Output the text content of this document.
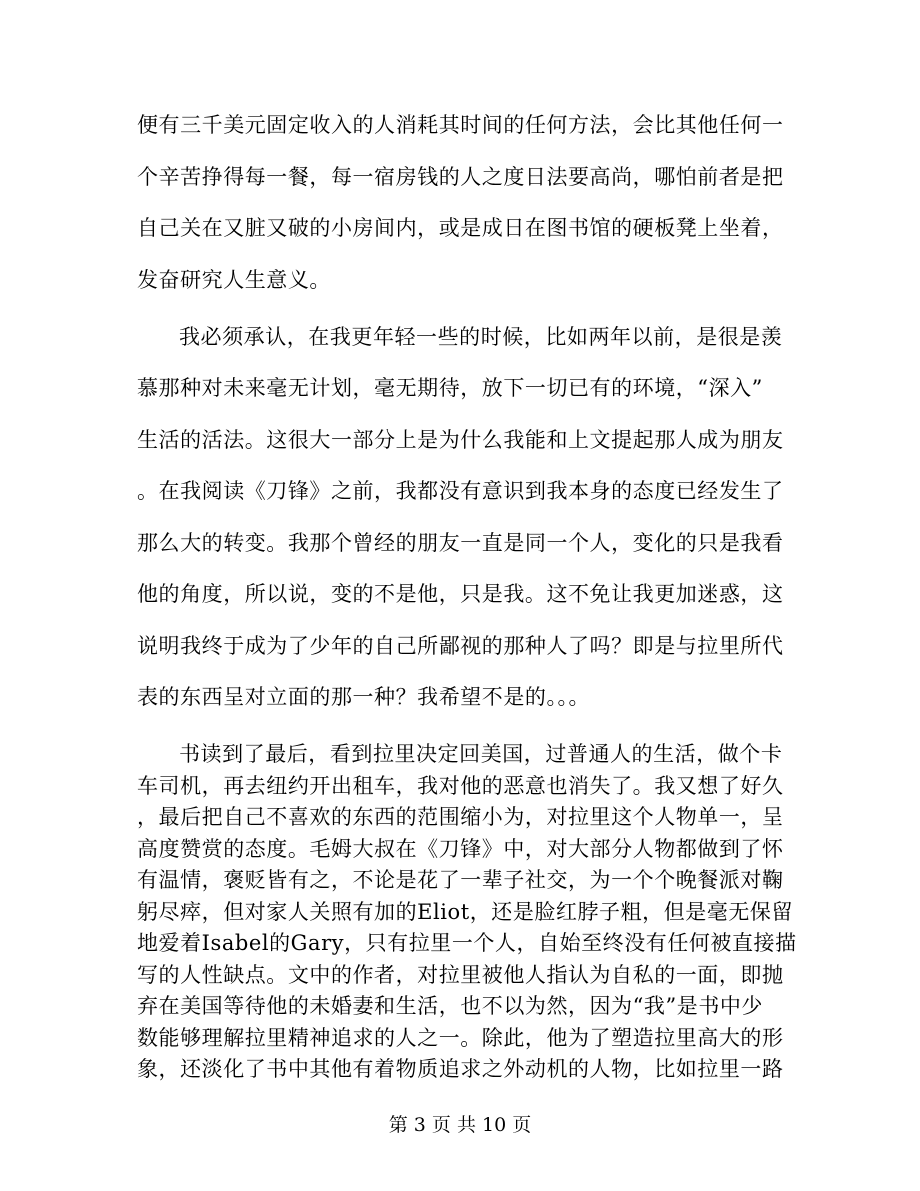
便有三千美元固定收入的人消耗其时间的任何方法，会比其他任何一
个辛苦挣得每一餐，每一宿房钱的人之度日法要高尚，哪怕前者是把
自己关在又脏又破的小房间内，或是成日在图书馆的硬板凳上坐着，
发奋研究人生意义。
我必须承认，在我更年轻一些的时候，比如两年以前，是很是羡
慕那种对未来毫无计划，毫无期待，放下一切已有的环境，“深入”
生活的活法。这很大一部分上是为什么我能和上文提起那人成为朋友
。在我阅读《刀锋》之前，我都没有意识到我本身的态度已经发生了
那么大的转变。我那个曾经的朋友一直是同一个人，变化的只是我看
他的角度，所以说，变的不是他，只是我。这不免让我更加迷惑，这
说明我终于成为了少年的自己所鄙视的那种人了吗？即是与拉里所代
表的东西呈对立面的那一种？我希望不是的。。。
书读到了最后，看到拉里决定回美国，过普通人的生活，做个卡
车司机，再去纽约开出租车，我对他的恶意也消失了。我又想了好久
，最后把自己不喜欢的东西的范围缩小为，对拉里这个人物单一，呈
高度赞赏的态度。毛姆大叔在《刀锋》中，对大部分人物都做到了怀
有温情，褒贬皆有之，不论是花了一辈子社交，为一个个晚餐派对鞠
躬尽瘁，但对家人关照有加的Eliot，还是脸红脖子粗，但是毫无保留
地爱着Isabel的Gary，只有拉里一个人，自始至终没有任何被直接描
写的人性缺点。文中的作者，对拉里被他人指认为自私的一面，即抛
弃在美国等待他的未婚妻和生活，也不以为然，因为“我”是书中少
数能够理解拉里精神追求的人之一。除此，他为了塑造拉里高大的形
象，还淡化了书中其他有着物质追求之外动机的人物，比如拉里一路
第 3 页 共 10 页
